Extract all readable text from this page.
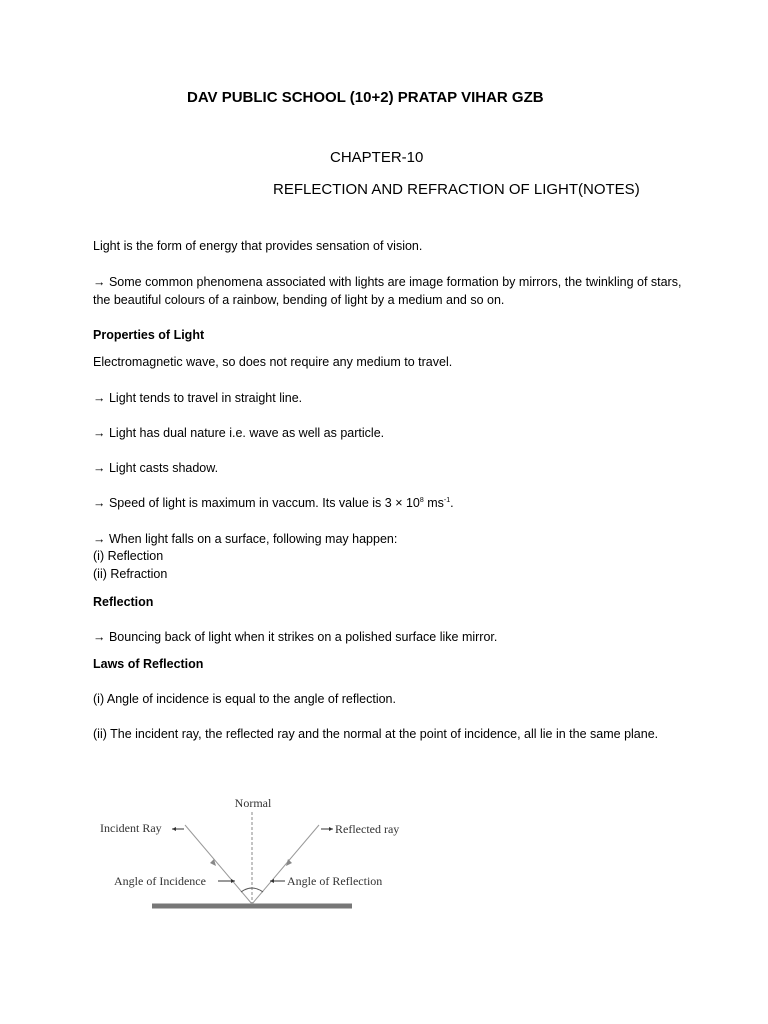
DAV PUBLIC SCHOOL (10+2) PRATAP VIHAR GZB
CHAPTER-10
REFLECTION AND REFRACTION OF LIGHT(NOTES)
Light is the form of energy that provides sensation of vision.
→ Some common phenomena associated with lights are image formation by mirrors, the twinkling of stars, the beautiful colours of a rainbow, bending of light by a medium and so on.
Properties of Light
Electromagnetic wave, so does not require any medium to travel.
→ Light tends to travel in straight line.
→ Light has dual nature i.e. wave as well as particle.
→ Light casts shadow.
→ Speed of light is maximum in vaccum. Its value is $3 \times 10^8$ $ms^{-1}$.
→ When light falls on a surface, following may happen:
(i) Reflection
(ii) Refraction
Reflection
→ Bouncing back of light when it strikes on a polished surface like mirror.
Laws of Reflection
(i) Angle of incidence is equal to the angle of reflection.
(ii) The incident ray, the reflected ray and the normal at the point of incidence, all lie in the same plane.
Normal
Incident Ray	Reflected ray
Angle of Incidence	Angle of Reflection
